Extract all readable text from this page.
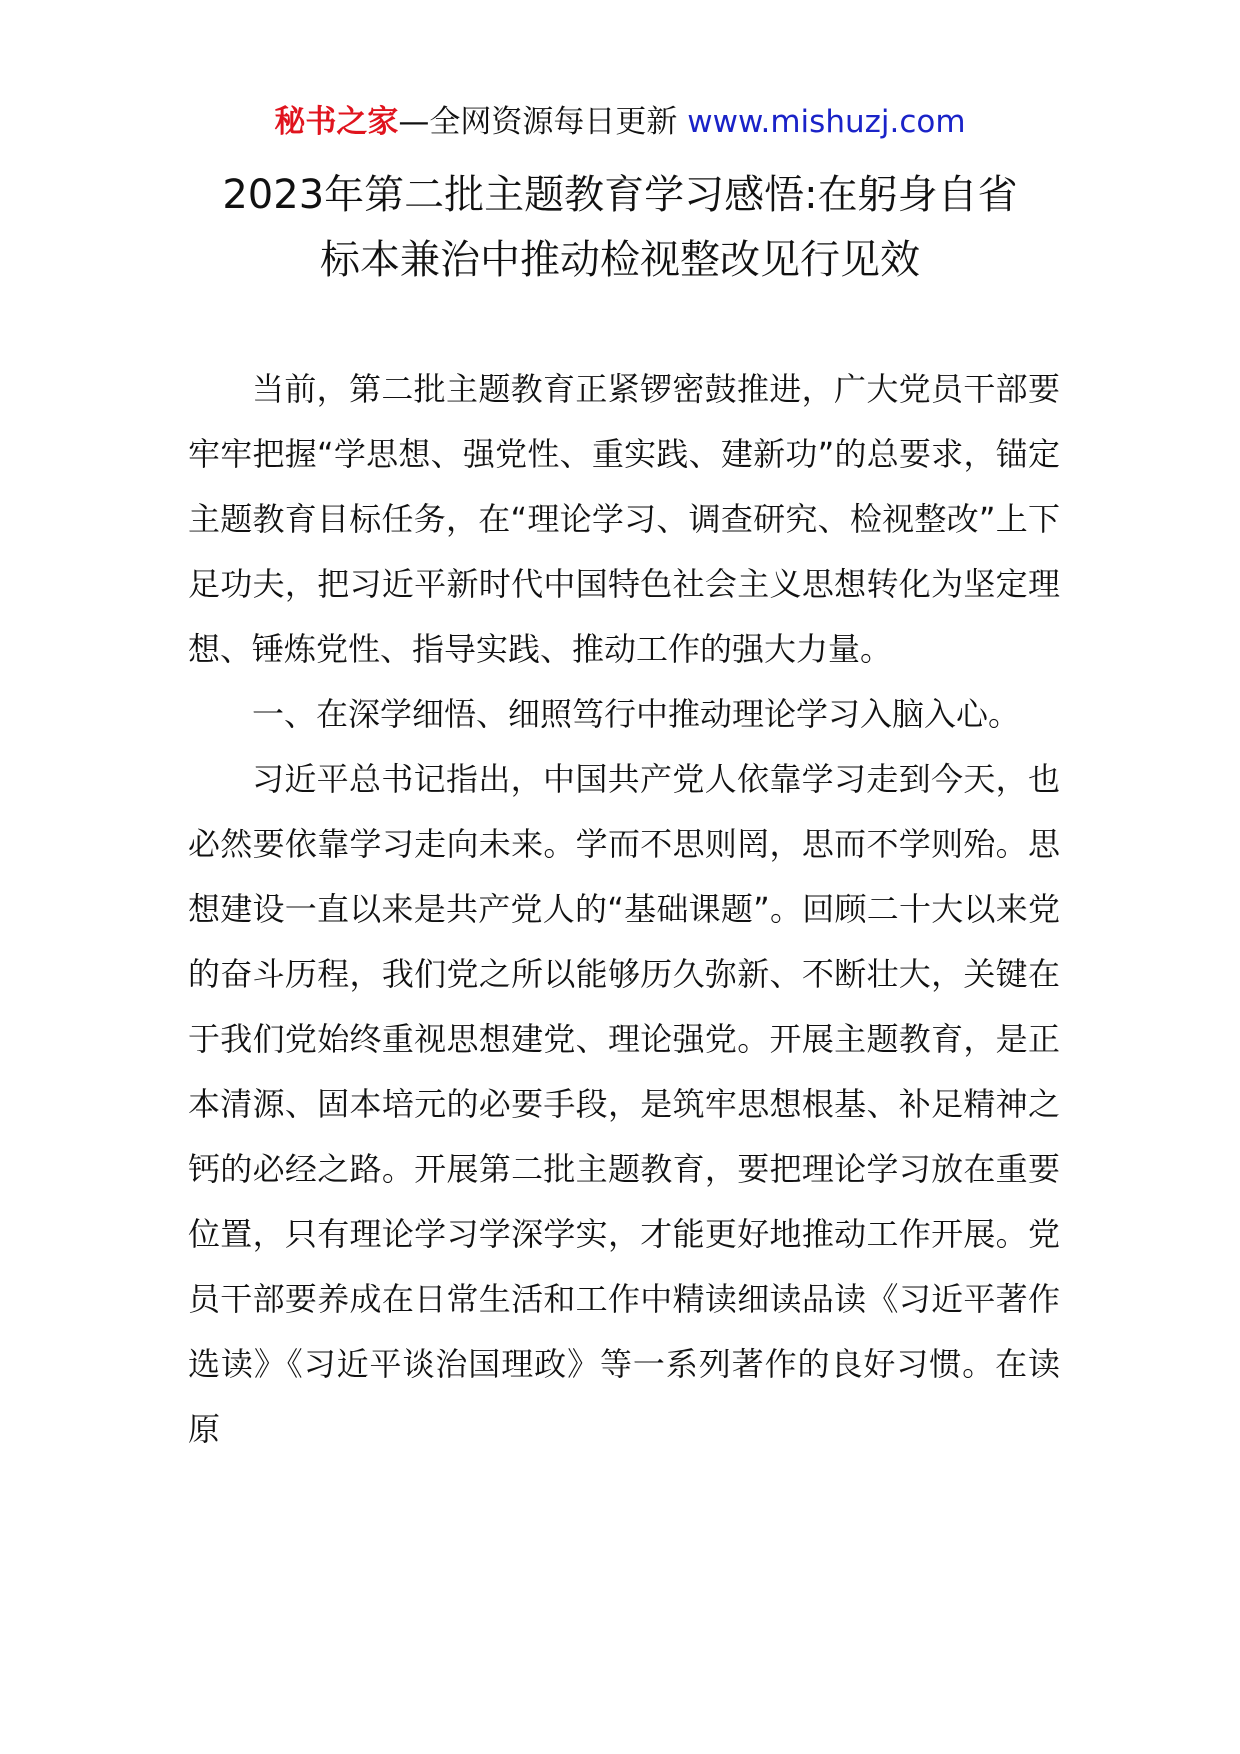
秘书之家—全网资源每日更新 www.mishuzj.com
2023年第二批主题教育学习感悟:在躬身自省
标本兼治中推动检视整改见行见效

当前，第二批主题教育正紧锣密鼓推进，广大党员干部要牢牢把握“学思想、强党性、重实践、建新功”的总要求，锚定主题教育目标任务，在“理论学习、调查研究、检视整改”上下足功夫，把习近平新时代中国特色社会主义思想转化为坚定理想、锤炼党性、指导实践、推动工作的强大力量。

一、在深学细悟、细照笃行中推动理论学习入脑入心。

习近平总书记指出，中国共产党人依靠学习走到今天，也必然要依靠学习走向未来。学而不思则罔，思而不学则殆。思想建设一直以来是共产党人的“基础课题”。回顾二十大以来党的奋斗历程，我们党之所以能够历久弥新、不断壮大，关键在于我们党始终重视思想建党、理论强党。开展主题教育，是正本清源、固本培元的必要手段，是筑牢思想根基、补足精神之钙的必经之路。开展第二批主题教育，要把理论学习放在重要位置，只有理论学习学深学实，才能更好地推动工作开展。党员干部要养成在日常生活和工作中精读细读品读《习近平著作选读》《习近平谈治国理政》等一系列著作的良好习惯。在读原
